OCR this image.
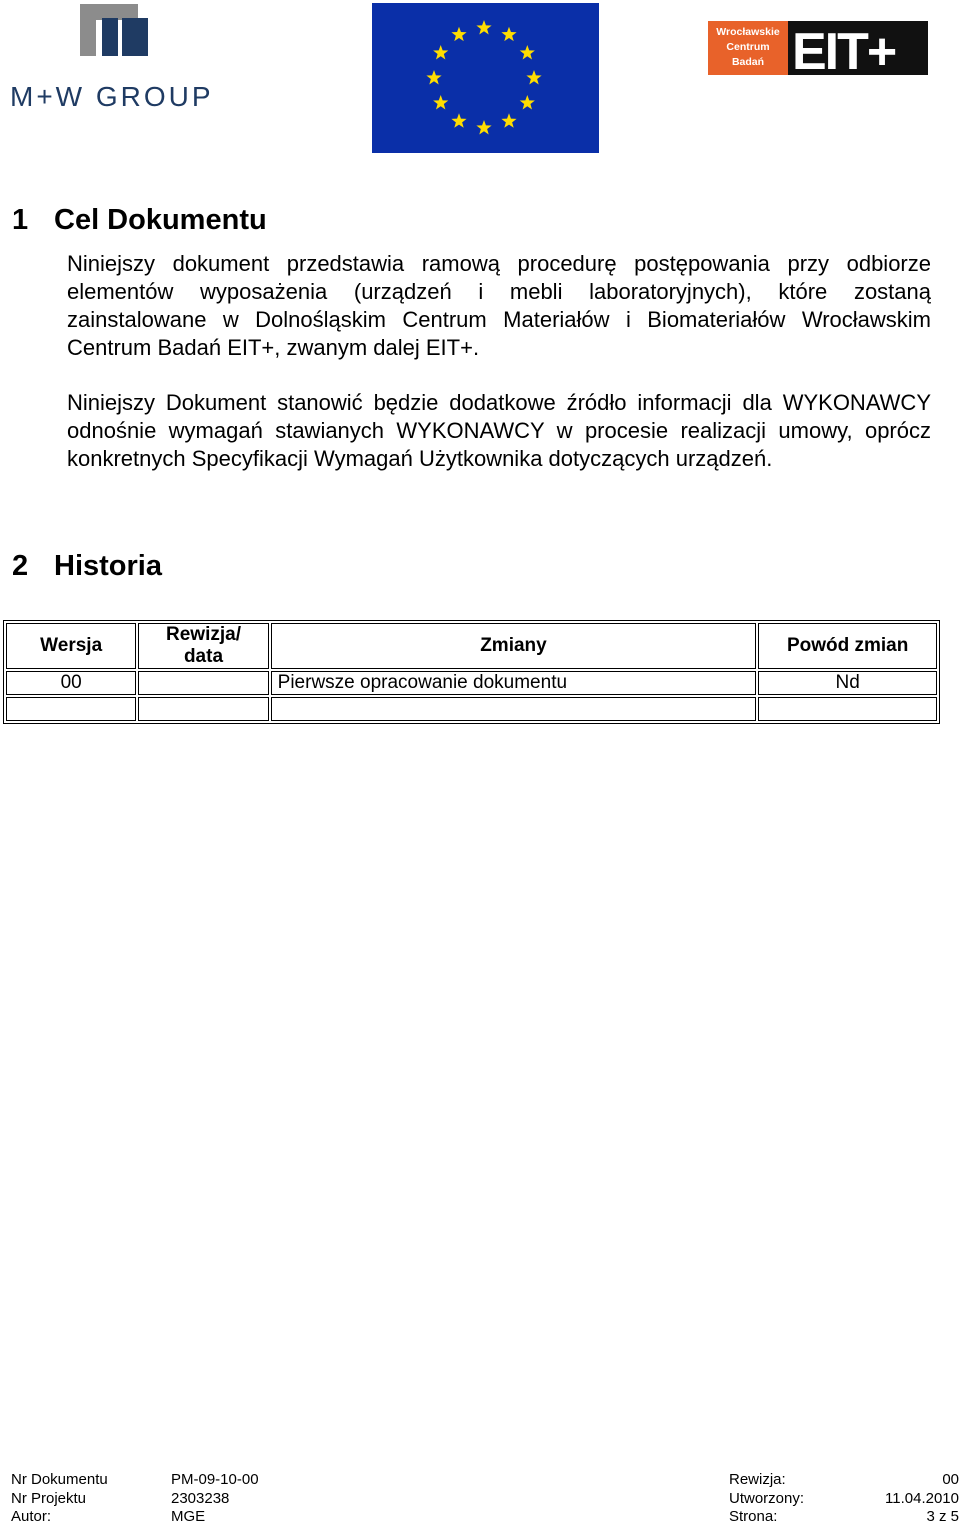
M+W GROUP
Wrocławskie
Centrum
Badań EIT+
1 Cel Dokumentu
Niniejszy dokument przedstawia ramową procedurę postępowania przy odbiorze elementów wyposażenia (urządzeń i mebli laboratoryjnych), które zostaną zainstalowane w Dolnośląskim Centrum Materiałów i Biomateriałów Wrocławskim Centrum Badań EIT+, zwanym dalej EIT+.
Niniejszy Dokument stanowić będzie dodatkowe źródło informacji dla WYKONAWCY odnośnie wymagań stawianych WYKONAWCY w procesie realizacji umowy, oprócz konkretnych Specyfikacji Wymagań Użytkownika dotyczących urządzeń.
2 Historia
Wersja	Rewizja/ data	Zmiany	Powód zmian
00		Pierwsze opracowanie dokumentu	Nd

Nr Dokumentu	PM-09-10-00	Rewizja:	00
Nr Projektu	2303238	Utworzony:	11.04.2010
Autor:	MGE	Strona:	3 z 5
